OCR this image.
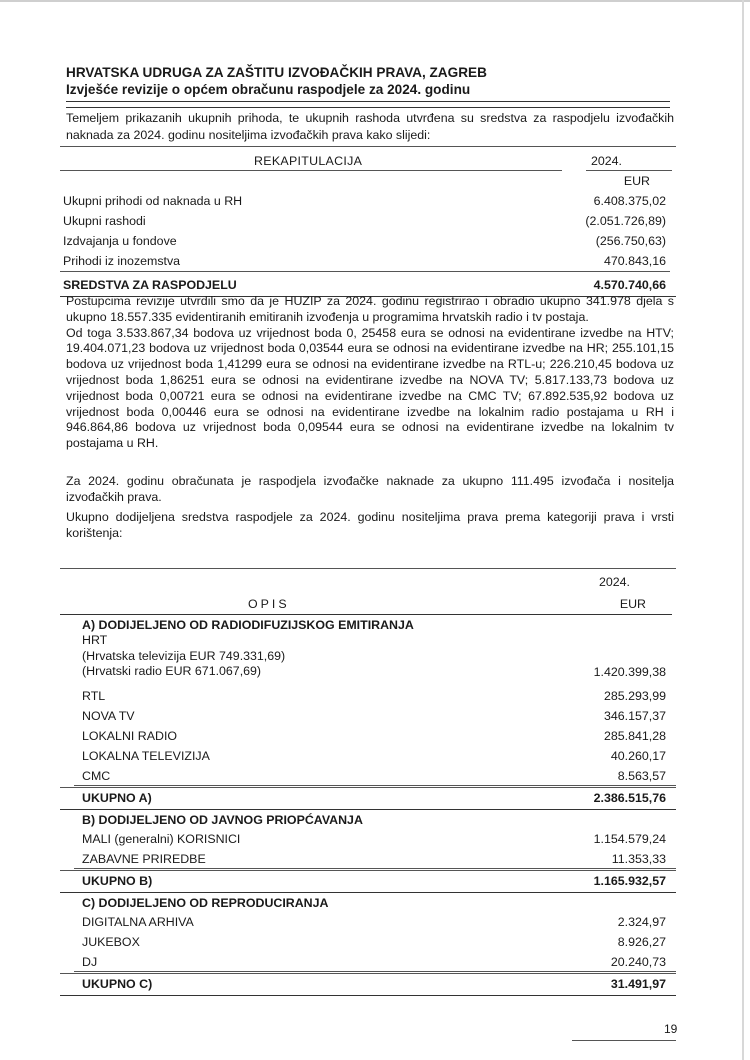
HRVATSKA UDRUGA ZA ZAŠTITU IZVOĐAČKIH PRAVA, ZAGREB
Izvješće revizije o općem obračunu raspodjele za 2024. godinu
Temeljem prikazanih ukupnih prihoda, te ukupnih rashoda utvrđena su sredstva za raspodjelu izvođačkih naknada za 2024. godinu nositeljima izvođačkih prava kako slijedi:
REKAPITULACIJA	2024.
EUR
Ukupni prihodi od naknada u RH	6.408.375,02
Ukupni rashodi	(2.051.726,89)
Izdvajanja u fondove	(256.750,63)
Prihodi iz inozemstva	470.843,16
SREDSTVA ZA RASPODJELU	4.570.740,66
Postupcima revizije utvrdili smo da je HUZIP za 2024. godinu registrirao i obradio ukupno 341.978 djela s ukupno 18.557.335 evidentiranih emitiranih izvođenja u programima hrvatskih radio i tv postaja.
Od toga 3.533.867,34 bodova uz vrijednost boda 0, 25458 eura se odnosi na evidentirane izvedbe na HTV; 19.404.071,23 bodova uz vrijednost boda 0,03544 eura se odnosi na evidentirane izvedbe na HR; 255.101,15 bodova uz vrijednost boda 1,41299 eura se odnosi na evidentirane izvedbe na RTL-u; 226.210,45 bodova uz vrijednost boda 1,86251 eura se odnosi na evidentirane izvedbe na NOVA TV; 5.817.133,73 bodova uz vrijednost boda 0,00721 eura se odnosi na evidentirane izvedbe na CMC TV; 67.892.535,92 bodova uz vrijednost boda 0,00446 eura se odnosi na evidentirane izvedbe na lokalnim radio postajama u RH i 946.864,86 bodova uz vrijednost boda 0,09544 eura se odnosi na evidentirane izvedbe na lokalnim tv postajama u RH.
Za 2024. godinu obračunata je raspodjela izvođačke naknade za ukupno 111.495 izvođača i nositelja izvođačkih prava.
Ukupno dodijeljena sredstva raspodjele za 2024. godinu nositeljima prava prema kategoriji prava i vrsti korištenja:
2024.
OPIS	EUR
A) DODIJELJENO OD RADIODIFUZIJSKOG EMITIRANJA
HRT
(Hrvatska televizija EUR 749.331,69)
(Hrvatski radio EUR 671.067,69)	1.420.399,38
RTL	285.293,99
NOVA TV	346.157,37
LOKALNI RADIO	285.841,28
LOKALNA TELEVIZIJA	40.260,17
CMC	8.563,57
UKUPNO A)	2.386.515,76
B) DODIJELJENO OD JAVNOG PRIOPĆAVANJA
MALI (generalni) KORISNICI	1.154.579,24
ZABAVNE PRIREDBE	11.353,33
UKUPNO B)	1.165.932,57
C) DODIJELJENO OD REPRODUCIRANJA
DIGITALNA ARHIVA	2.324,97
JUKEBOX	8.926,27
DJ	20.240,73
UKUPNO C)	31.491,97
19
